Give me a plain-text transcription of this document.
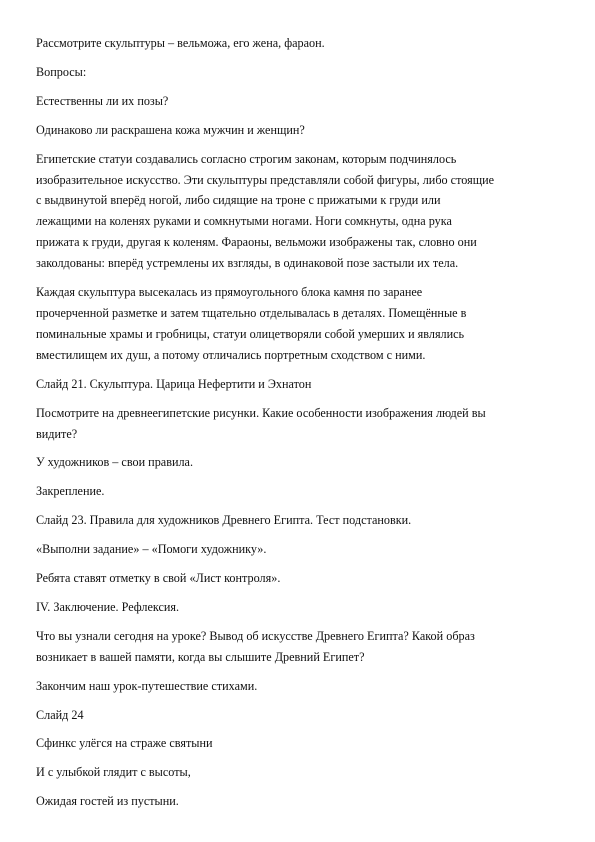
Рассмотрите скульптуры – вельможа, его жена, фараон.

Вопросы:

Естественны ли их позы?

Одинаково ли раскрашена кожа мужчин и женщин?

Египетские статуи создавались согласно строгим законам, которым подчинялось
изобразительное искусство. Эти скульптуры представляли собой фигуры, либо стоящие
с выдвинутой вперёд ногой, либо сидящие на троне с прижатыми к груди или
лежащими на коленях руками и сомкнутыми ногами. Ноги сомкнуты, одна рука
прижата к груди, другая к коленям. Фараоны, вельможи изображены так, словно они
заколдованы: вперёд устремлены их взгляды, в одинаковой позе застыли их тела.

Каждая скульптура высекалась из прямоугольного блока камня по заранее
прочерченной разметке и затем тщательно отделывалась в деталях. Помещённые в
поминальные храмы и гробницы, статуи олицетворяли собой умерших и являлись
вместилищем их душ, а потому отличались портретным сходством с ними.

Слайд 21. Скульптура. Царица Нефертити и Эхнатон

Посмотрите на древнеегипетские рисунки. Какие особенности изображения людей вы
видите?

У художников – свои правила.

Закрепление.

Слайд 23. Правила для художников Древнего Египта. Тест подстановки.

«Выполни задание» – «Помоги художнику».

Ребята ставят отметку в свой «Лист контроля».

IV. Заключение. Рефлексия.

Что вы узнали сегодня на уроке? Вывод об искусстве Древнего Египта? Какой образ
возникает в вашей памяти, когда вы слышите Древний Египет?

Закончим наш урок-путешествие стихами.

Слайд 24

Сфинкс улёгся на страже святыни

И с улыбкой глядит с высоты,

Ожидая гостей из пустыни.
